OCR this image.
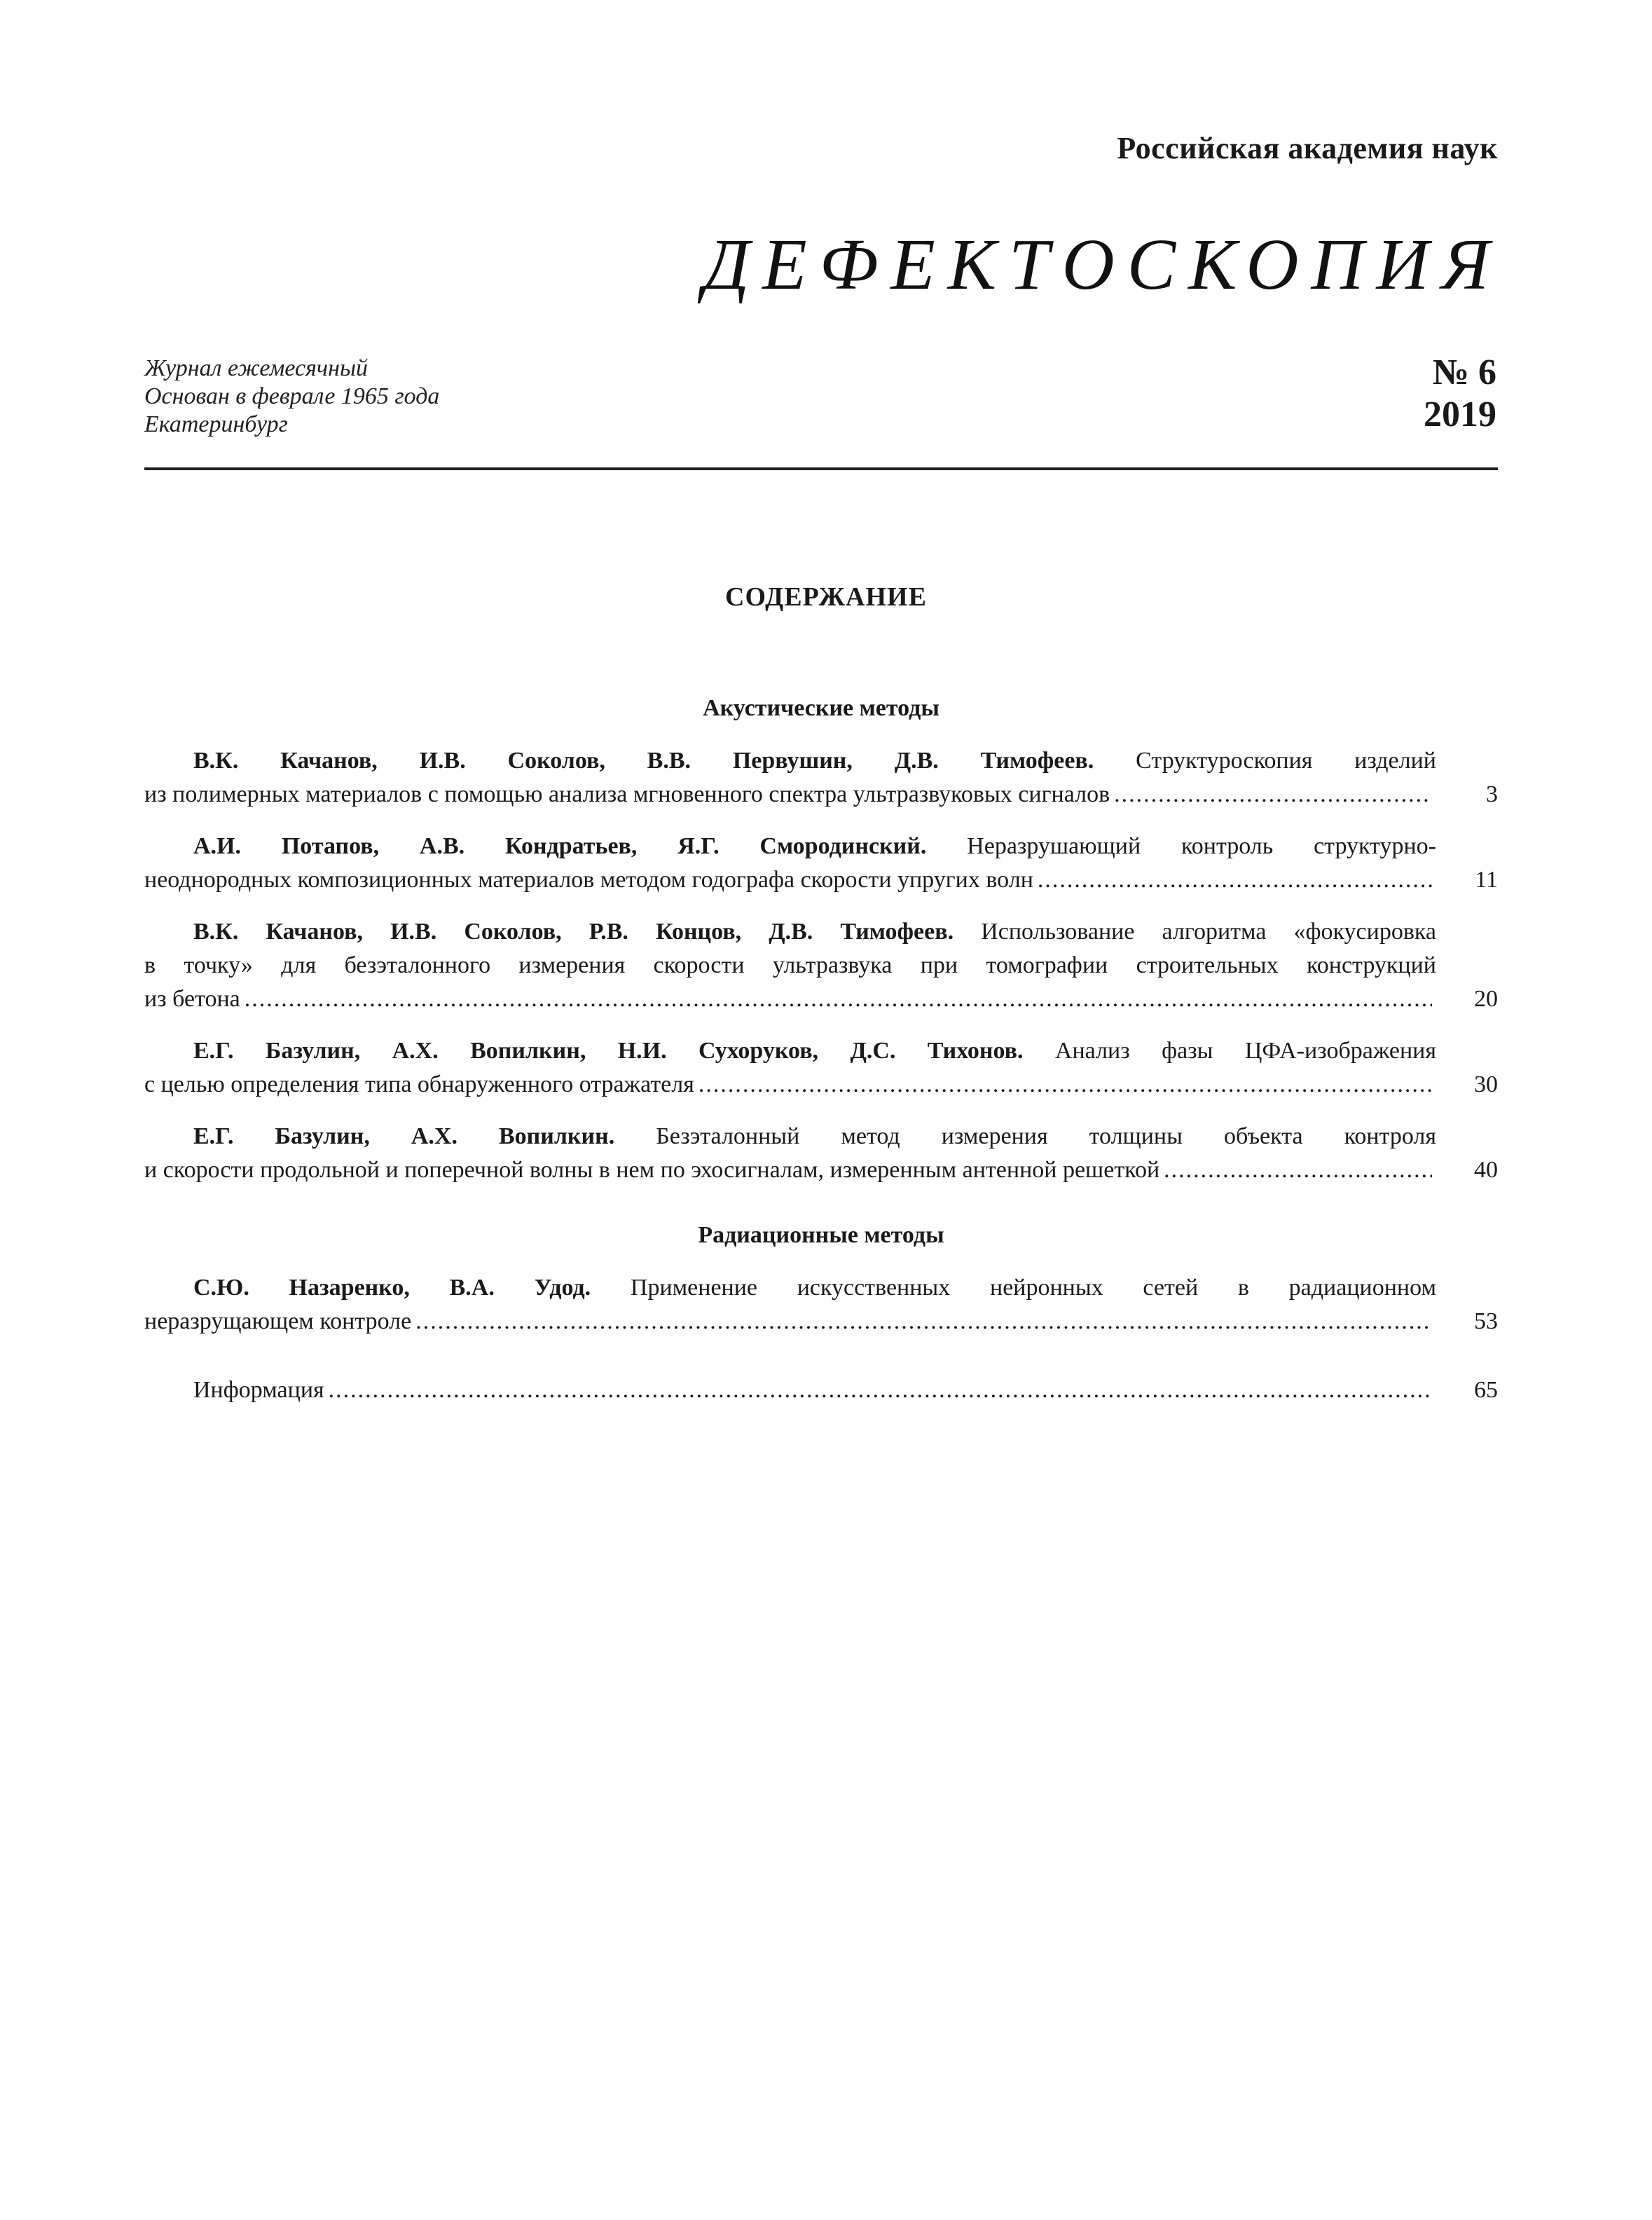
Российская академия наук
ДЕФЕКТОСКОПИЯ
Журнал ежемесячный
Основан в феврале 1965 года
Екатеринбург
№ 6
2019
СОДЕРЖАНИЕ
Акустические методы
В.К. Качанов, И.В. Соколов, В.В. Первушин, Д.В. Тимофеев. Структуроскопия изделий
из полимерных материалов с помощью анализа мгновенного спектра ультразвуковых сигналов .....	3
А.И. Потапов, А.В. Кондратьев, Я.Г. Смородинский. Неразрушающий контроль структурно-
неоднородных композиционных материалов методом годографа скорости упругих волн .....	11
В.К. Качанов, И.В. Соколов, Р.В. Концов, Д.В. Тимофеев. Использование алгоритма «фокусировка
в точку» для безэталонного измерения скорости ультразвука при томографии строительных конструкций
из бетона .....	20
Е.Г. Базулин, А.Х. Вопилкин, Н.И. Сухоруков, Д.С. Тихонов. Анализ фазы ЦФА-изображения
с целью определения типа обнаруженного отражателя .....	30
Е.Г. Базулин, А.Х. Вопилкин. Безэталонный метод измерения толщины объекта контроля
и скорости продольной и поперечной волны в нем по эхосигналам, измеренным антенной решеткой .....	40
Радиационные методы
С.Ю. Назаренко, В.А. Удод. Применение искусственных нейронных сетей в радиационном
неразрущающем контроле .....	53
Информация .....	65
